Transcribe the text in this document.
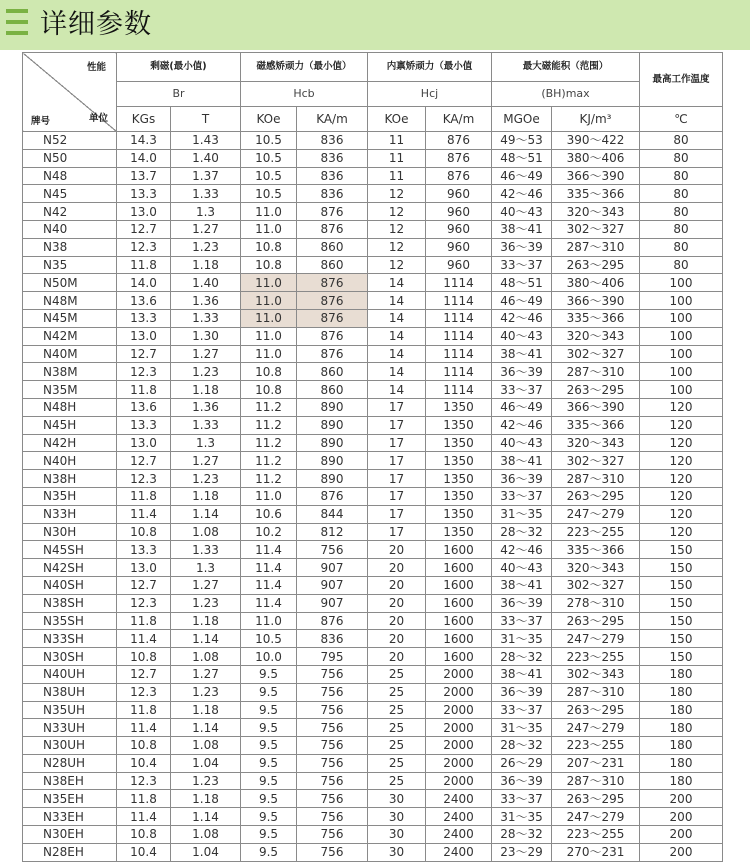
详细参数
性能
单位
牌号	剩磁(最小值)		磁感矫顽力（最小值）		内禀矫顽力（最小值		最大磁能积（范围）		最高工作温度
	Br		Hcb		Hcj		(BH)max		
	KGs	T	KOe	KA/m	KOe	KA/m	MGOe	KJ/m³	℃
N52	14.3	1.43	10.5	836	11	876	49～53	390～422	80
N50	14.0	1.40	10.5	836	11	876	48～51	380～406	80
N48	13.7	1.37	10.5	836	11	876	46～49	366～390	80
N45	13.3	1.33	10.5	836	12	960	42～46	335～366	80
N42	13.0	1.3	11.0	876	12	960	40～43	320～343	80
N40	12.7	1.27	11.0	876	12	960	38～41	302～327	80
N38	12.3	1.23	10.8	860	12	960	36～39	287～310	80
N35	11.8	1.18	10.8	860	12	960	33～37	263～295	80
N50M	14.0	1.40	11.0	876	14	1114	48～51	380～406	100
N48M	13.6	1.36	11.0	876	14	1114	46～49	366～390	100
N45M	13.3	1.33	11.0	876	14	1114	42～46	335～366	100
N42M	13.0	1.30	11.0	876	14	1114	40～43	320～343	100
N40M	12.7	1.27	11.0	876	14	1114	38～41	302～327	100
N38M	12.3	1.23	10.8	860	14	1114	36～39	287～310	100
N35M	11.8	1.18	10.8	860	14	1114	33～37	263～295	100
N48H	13.6	1.36	11.2	890	17	1350	46～49	366～390	120
N45H	13.3	1.33	11.2	890	17	1350	42～46	335～366	120
N42H	13.0	1.3	11.2	890	17	1350	40～43	320～343	120
N40H	12.7	1.27	11.2	890	17	1350	38～41	302～327	120
N38H	12.3	1.23	11.2	890	17	1350	36～39	287～310	120
N35H	11.8	1.18	11.0	876	17	1350	33～37	263～295	120
N33H	11.4	1.14	10.6	844	17	1350	31～35	247～279	120
N30H	10.8	1.08	10.2	812	17	1350	28～32	223～255	120
N45SH	13.3	1.33	11.4	756	20	1600	42～46	335～366	150
N42SH	13.0	1.3	11.4	907	20	1600	40～43	320～343	150
N40SH	12.7	1.27	11.4	907	20	1600	38～41	302～327	150
N38SH	12.3	1.23	11.4	907	20	1600	36～39	278～310	150
N35SH	11.8	1.18	11.0	876	20	1600	33～37	263～295	150
N33SH	11.4	1.14	10.5	836	20	1600	31～35	247～279	150
N30SH	10.8	1.08	10.0	795	20	1600	28～32	223～255	150
N40UH	12.7	1.27	9.5	756	25	2000	38～41	302～343	180
N38UH	12.3	1.23	9.5	756	25	2000	36～39	287～310	180
N35UH	11.8	1.18	9.5	756	25	2000	33～37	263～295	180
N33UH	11.4	1.14	9.5	756	25	2000	31～35	247～279	180
N30UH	10.8	1.08	9.5	756	25	2000	28～32	223～255	180
N28UH	10.4	1.04	9.5	756	25	2000	26～29	207～231	180
N38EH	12.3	1.23	9.5	756	25	2000	36～39	287～310	180
N35EH	11.8	1.18	9.5	756	30	2400	33～37	263～295	200
N33EH	11.4	1.14	9.5	756	30	2400	31～35	247～279	200
N30EH	10.8	1.08	9.5	756	30	2400	28～32	223～255	200
N28EH	10.4	1.04	9.5	756	30	2400	23～29	270～231	200
